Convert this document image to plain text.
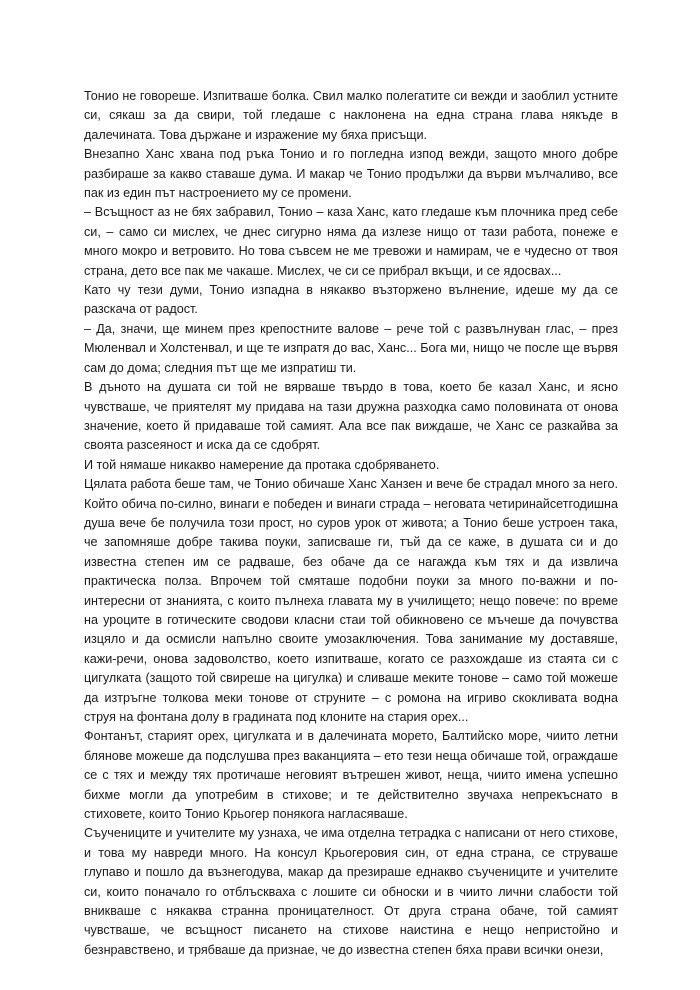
Тонио не говореше. Изпитваше болка. Свил малко полегатите си вежди и заоблил устните си, сякаш за да свири, той гледаше с наклонена на една страна глава някъде в далечината. Това държане и изражение му бяха присъщи.

Внезапно Ханс хвана под ръка Тонио и го погледна изпод вежди, защото много добре разбираше за какво ставаше дума. И макар че Тонио продължи да върви мълчаливо, все пак из един път настроението му се промени.

– Всъщност аз не бях забравил, Тонио – каза Ханс, като гледаше към плочника пред себе си, – само си мислех, че днес сигурно няма да излезе нищо от тази работа, понеже е много мокро и ветровито. Но това съвсем не ме тревожи и намирам, че е чудесно от твоя страна, дето все пак ме чакаше. Мислех, че си се прибрал вкъщи, и се ядосвах...

Като чу тези думи, Тонио изпадна в някакво възторжено вълнение, идеше му да се разскача от радост.

– Да, значи, ще минем през крепостните валове – рече той с развълнуван глас, – през Мюленвал и Холстенвал, и ще те изпратя до вас, Ханс... Бога ми, нищо че после ще вървя сам до дома; следния път ще ме изпратиш ти.

В дъното на душата си той не вярваше твърдо в това, което бе казал Ханс, и ясно чувстваше, че приятелят му придава на тази дружна разходка само половината от онова значение, което й придаваше той самият. Ала все пак виждаше, че Ханс се разкайва за своята разсеяност и иска да се сдобрят.

И той нямаше никакво намерение да протака сдобряването.

Цялата работа беше там, че Тонио обичаше Ханс Ханзен и вече бе страдал много за него. Който обича по-силно, винаги е победен и винаги страда – неговата четиринайсетгодишна душа вече бе получила този прост, но суров урок от живота; а Тонио беше устроен така, че запомняше добре такива поуки, записваше ги, тъй да се каже, в душата си и до известна степен им се радваше, без обаче да се нагажда към тях и да извлича практическа полза. Впрочем той смяташе подобни поуки за много по-важни и по-интересни от знанията, с които пълнеха главата му в училището; нещо повече: по време на уроците в готическите сводови класни стаи той обикновено се мъчеше да почувства изцяло и да осмисли напълно своите умозаключения. Това занимание му доставяше, кажи-речи, онова задоволство, което изпитваше, когато се разхождаше из стаята си с цигулката (защото той свиреше на цигулка) и сливаше меките тонове – само той можеше да изтръгне толкова меки тонове от струните – с ромона на игриво скокливата водна струя на фонтана долу в градината под клоните на стария орех...

Фонтанът, старият орех, цигулката и в далечината морето, Балтийско море, чиито летни блянове можеше да подслушва през ваканцията – ето тези неща обичаше той, ограждаше се с тях и между тях протичаше неговият вътрешен живот, неща, чиито имена успешно бихме могли да употребим в стихове; и те действително звучаха непрекъснато в стиховете, които Тонио Крьогер понякога нагласяваше.

Съучениците и учителите му узнаха, че има отделна тетрадка с написани от него стихове, и това му навреди много. На консул Крьогеровия син, от една страна, се струваше глупаво и пошло да възнегодува, макар да презираше еднакво съучениците и учителите си, които поначало го отблъскваха с лошите си обноски и в чиито лични слабости той вникваше с някаква странна проницателност. От друга страна обаче, той самият чувстваше, че всъщност писането на стихове наистина е нещо непристойно и безнравствено, и трябваше да признае, че до известна степен бяха прави всички онези,
